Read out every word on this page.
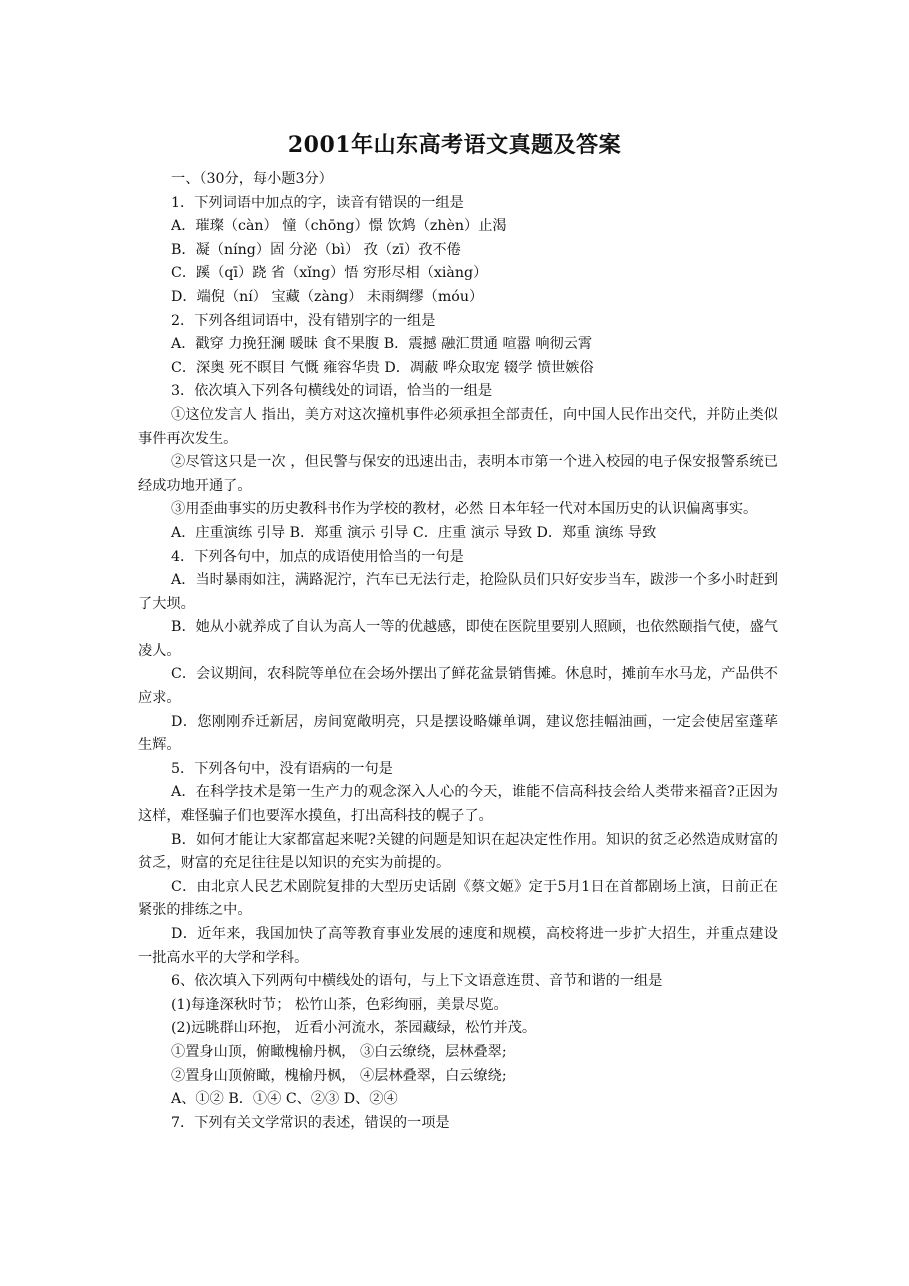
2001年山东高考语文真题及答案
一、（30分，每小题3分）
1．下列词语中加点的字，读音有错误的一组是
A．璀璨（càn） 憧（chōng）憬 饮鸩（zhèn）止渴
B．凝（níng）固 分泌（bì） 孜（zī）孜不倦
C．蹊（qī）跷 省（xǐng）悟 穷形尽相（xiàng）
D．端倪（ní） 宝藏（zàng） 未雨绸缪（móu）
2．下列各组词语中，没有错别字的一组是
A．戳穿 力挽狂澜 暖昧 食不果腹 B．震撼 融汇贯通 喧嚣 响彻云霄
C．深奥 死不瞑目 气慨 雍容华贵 D．凋蔽 哗众取宠 辍学 愤世嫉俗
3．依次填入下列各句横线处的词语，恰当的一组是
①这位发言人 指出，美方对这次撞机事件必须承担全部责任，向中国人民作出交代，并防止类似事件再次发生。
②尽管这只是一次 ，但民警与保安的迅速出击，表明本市第一个进入校园的电子保安报警系统已经成功地开通了。
③用歪曲事实的历史教科书作为学校的教材，必然 日本年轻一代对本国历史的认识偏离事实。
A．庄重演练 引导 B．郑重 演示 引导 C．庄重 演示 导致 D．郑重 演练 导致
4．下列各句中，加点的成语使用恰当的一句是
A．当时暴雨如注，满路泥泞，汽车已无法行走，抢险队员们只好安步当车，跋涉一个多小时赶到了大坝。
B．她从小就养成了自认为高人一等的优越感，即使在医院里要别人照顾，也依然颐指气使，盛气凌人。
C．会议期间，农科院等单位在会场外摆出了鲜花盆景销售摊。休息时，摊前车水马龙，产品供不应求。
D．您刚刚乔迁新居，房间宽敞明亮，只是摆设略嫌单调，建议您挂幅油画，一定会使居室蓬荜生辉。
5．下列各句中，没有语病的一句是
A．在科学技术是第一生产力的观念深入人心的今天，谁能不信高科技会给人类带来福音?正因为这样，难怪骗子们也要浑水摸鱼，打出高科技的幌子了。
B．如何才能让大家都富起来呢?关键的问题是知识在起决定性作用。知识的贫乏必然造成财富的贫乏，财富的充足往往是以知识的充实为前提的。
C．由北京人民艺术剧院复排的大型历史话剧《蔡文姬》定于5月1日在首都剧场上演，日前正在紧张的排练之中。
D．近年来，我国加快了高等教育事业发展的速度和规模，高校将进一步扩大招生，并重点建设一批高水平的大学和学科。
6、依次填入下列两句中横线处的语句，与上下文语意连贯、音节和谐的一组是
(1)每逢深秋时节； 松竹山茶，色彩绚丽，美景尽览。
(2)远眺群山环抱， 近看小河流水，茶园藏绿，松竹并茂。
①置身山顶，俯瞰槐榆丹枫， ③白云缭绕，层林叠翠;
②置身山顶俯瞰，槐榆丹枫， ④层林叠翠，白云缭绕;
A、①② B．①④ C、②③ D、②④
7．下列有关文学常识的表述，错误的一项是
